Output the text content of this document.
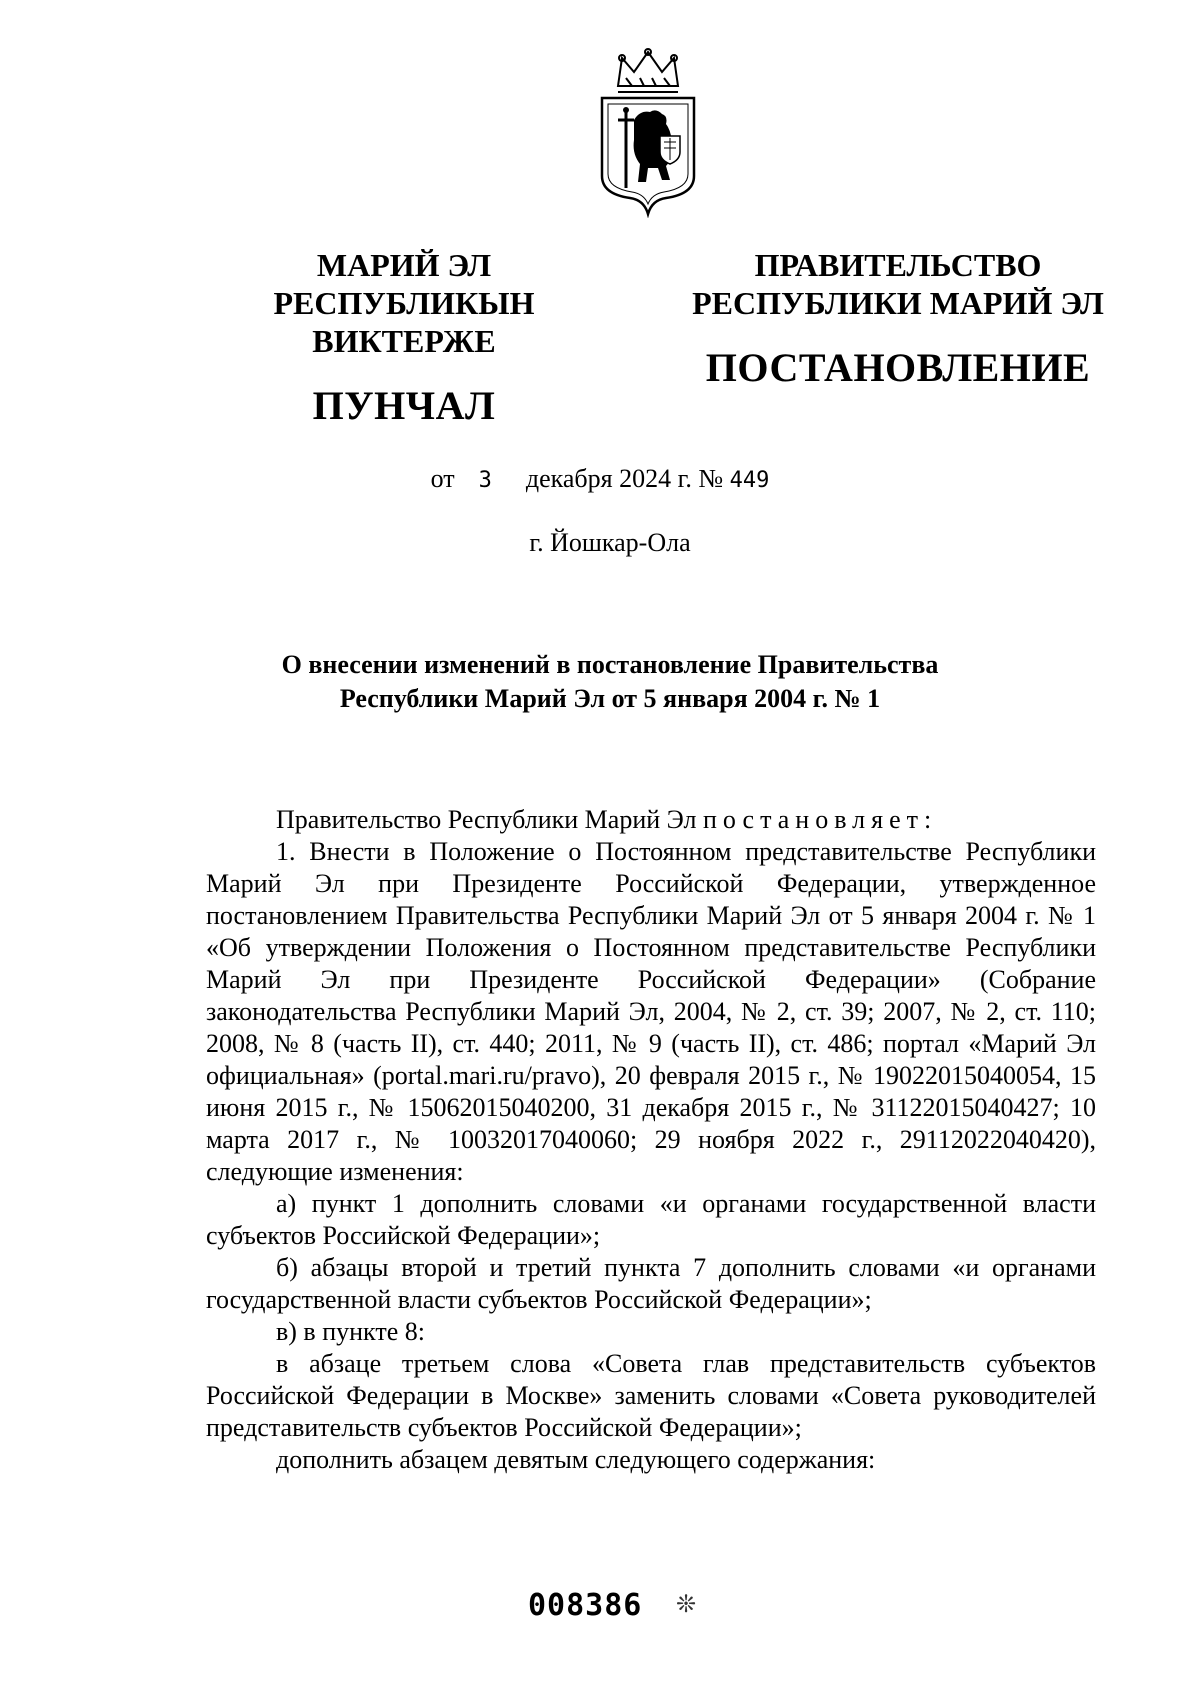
МАРИЙ ЭЛ РЕСПУБЛИКЫН
ВИКТЕРЖЕ
ПУНЧАЛ
ПРАВИТЕЛЬСТВО
РЕСПУБЛИКИ МАРИЙ ЭЛ
ПОСТАНОВЛЕНИЕ
от 3 декабря 2024 г. № 449
г. Йошкар-Ола
О внесении изменений в постановление Правительства
Республики Марий Эл от 5 января 2004 г. № 1

Правительство Республики Марий Эл постановляет:

1. Внести в Положение о Постоянном представительстве Республики Марий Эл при Президенте Российской Федерации, утвержденное постановлением Правительства Республики Марий Эл от 5 января 2004 г. № 1 «Об утверждении Положения о Постоянном представительстве Республики Марий Эл при Президенте Российской Федерации» (Собрание законодательства Республики Марий Эл, 2004, № 2, ст. 39; 2007, № 2, ст. 110; 2008, № 8 (часть II), ст. 440; 2011, № 9 (часть II), ст. 486; портал «Марий Эл официальная» (portal.mari.ru/pravo), 20 февраля 2015 г., № 19022015040054, 15 июня 2015 г., № 15062015040200, 31 декабря 2015 г., № 31122015040427; 10 марта 2017 г., № 10032017040060; 29 ноября 2022 г., 29112022040420), следующие изменения:

а) пункт 1 дополнить словами «и органами государственной власти субъектов Российской Федерации»;

б) абзацы второй и третий пункта 7 дополнить словами «и органами государственной власти субъектов Российской Федерации»;

в) в пункте 8:

в абзаце третьем слова «Совета глав представительств субъектов Российской Федерации в Москве» заменить словами «Совета руководителей представительств субъектов Российской Федерации»;

дополнить абзацем девятым следующего содержания:

008386 ❊
